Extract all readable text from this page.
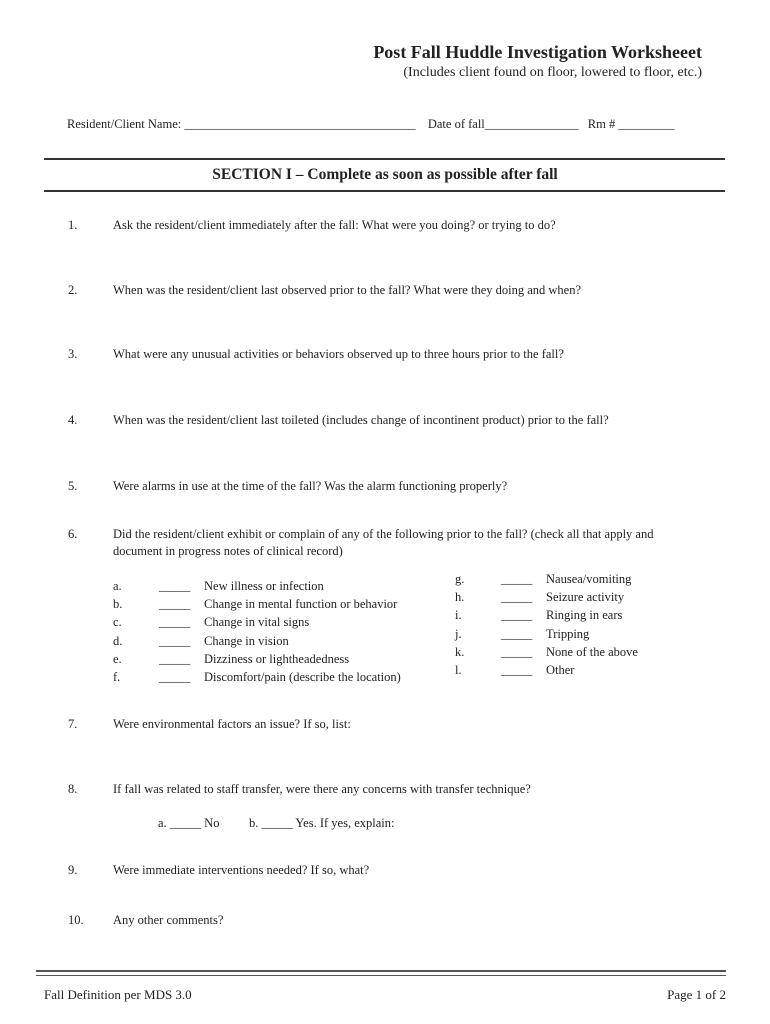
Post Fall Huddle Investigation Worksheeet
(Includes client found on floor, lowered to floor, etc.)
Resident/Client Name: _____________________________________ Date of fall_______________ Rm # _________
SECTION I – Complete as soon as possible after fall
1.	Ask the resident/client immediately after the fall: What were you doing? or trying to do?
2.	When was the resident/client last observed prior to the fall? What were they doing and when?
3.	What were any unusual activities or behaviors observed up to three hours prior to the fall?
4.	When was the resident/client last toileted (includes change of incontinent product) prior to the fall?
5.	Were alarms in use at the time of the fall? Was the alarm functioning properly?
6.	Did the resident/client exhibit or complain of any of the following prior to the fall? (check all that apply and document in progress notes of clinical record)
a.	_____	New illness or infection
b.	_____	Change in mental function or behavior
c.	_____	Change in vital signs
d.	_____	Change in vision
e.	_____	Dizziness or lightheadedness
f.	_____	Discomfort/pain (describe the location)
g.	_____	Nausea/vomiting
h.	_____	Seizure activity
i.	_____	Ringing in ears
j.	_____	Tripping
k.	_____	None of the above
l.	_____	Other
7.	Were environmental factors an issue? If so, list:
8.	If fall was related to staff transfer, were there any concerns with transfer technique?
a. _____ No b. _____ Yes. If yes, explain:
9.	Were immediate interventions needed? If so, what?
10. Any other comments?
Fall Definition per MDS 3.0	Page 1 of 2
